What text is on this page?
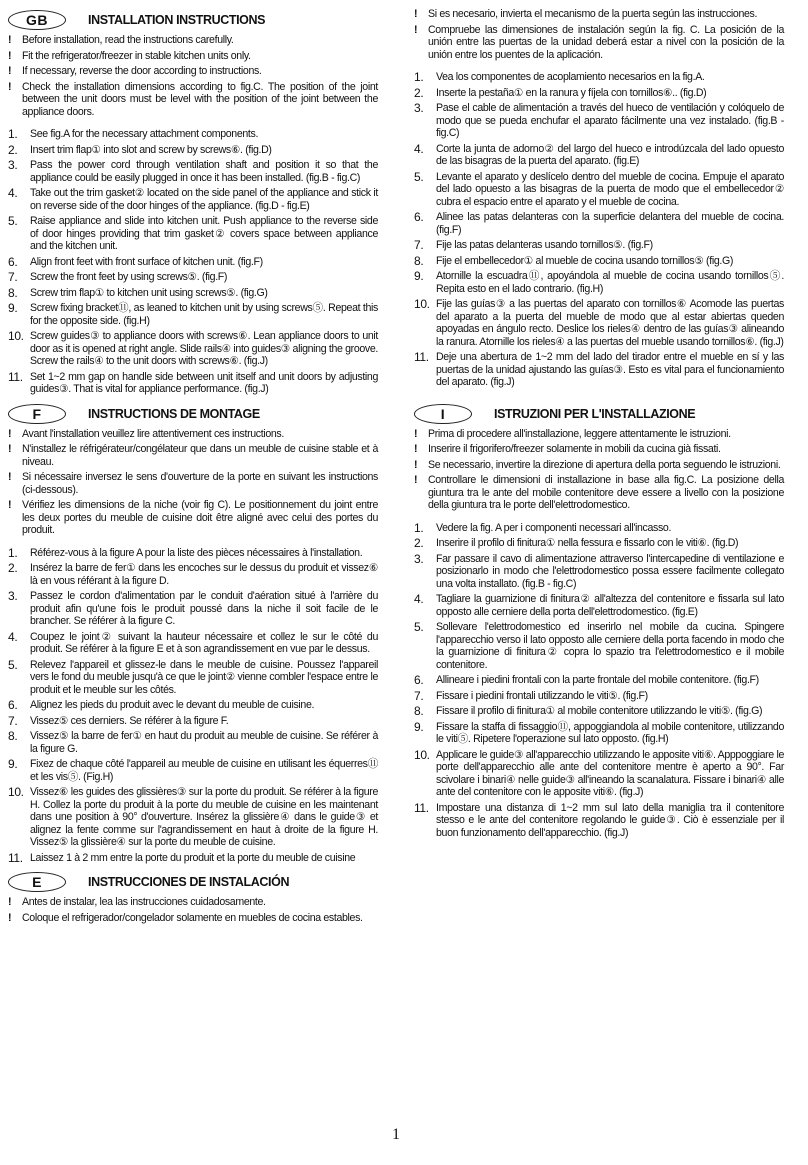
GB	INSTALLATION INSTRUCTIONS
!	Before installation, read the instructions carefully.
!	Fit the refrigerator/freezer in stable kitchen units only.
!	If necessary, reverse the door according to instructions.
!	Check the installation dimensions according to fig.C. The position of the joint between the unit doors must be level with the position of the joint between the appliance doors.
1.	See fig.A for the necessary attachment components.
2.	Insert trim flap① into slot and screw by screws⑥. (fig.D)
3.	Pass the power cord through ventilation shaft and position it so that the appliance could be easily plugged in once it has been installed. (fig.B - fig.C)
4.	Take out the trim gasket② located on the side panel of the appliance and stick it on reverse side of the door hinges of the appliance. (fig.D - fig.E)
5.	Raise appliance and slide into kitchen unit. Push appliance to the reverse side of door hinges providing that trim gasket② covers space between appliance and the kitchen unit.
6.	Align front feet with front surface of kitchen unit. (fig.F)
7.	Screw the front feet by using screws⑤. (fig.F)
8.	Screw trim flap① to kitchen unit using screws⑤. (fig.G)
9.	Screw fixing bracket⑪, as leaned to kitchen unit by using screws⑤. Repeat this for the opposite side. (fig.H)
10. Screw guides③ to appliance doors with screws⑥. Lean appliance doors to unit door as it is opened at right angle. Slide rails④ into guides③ aligning the groove. Screw the rails④ to the unit doors with screws⑥. (fig.J)
11. Set 1~2 mm gap on handle side between unit itself and unit doors by adjusting guides③. That is vital for appliance performance. (fig.J)
F	INSTRUCTIONS DE MONTAGE
!	Avant l'installation veuillez lire attentivement ces instructions.
!	N'installez le réfrigérateur/congélateur que dans un meuble de cuisine stable et à niveau.
!	Si nécessaire inversez le sens d'ouverture de la porte en suivant les instructions (ci-dessous).
!	Vérifiez les dimensions de la niche (voir fig C). Le positionnement du joint entre les deux portes du meuble de cuisine doit être aligné avec celui des portes du produit.
1.	Référez-vous à la figure A pour la liste des pièces nécessaires à l'installation.
2.	Insérez la barre de fer① dans les encoches sur le dessus du produit et vissez⑥ là en vous référant à la figure D.
3.	Passez le cordon d'alimentation par le conduit d'aération situé à l'arrière du produit afin qu'une fois le produit poussé dans la niche il soit facile de le brancher. Se référer à la figure C.
4.	Coupez le joint② suivant la hauteur nécessaire et collez le sur le côté du produit. Se référer à la figure E et à son agrandissement en vue par le dessus.
5.	Relevez l'appareil et glissez-le dans le meuble de cuisine. Poussez l'appareil vers le fond du meuble jusqu'à ce que le joint② vienne combler l'espace entre le produit et le meuble sur les côtés.
6.	Alignez les pieds du produit avec le devant du meuble de cuisine.
7.	Vissez⑤ ces derniers. Se référer à la figure F.
8.	Vissez⑤ la barre de fer① en haut du produit au meuble de cuisine. Se référer à la figure G.
9.	Fixez de chaque côté l'appareil au meuble de cuisine en utilisant les équerres⑪ et les vis⑤. (Fig.H)
10. Vissez⑥ les guides des glissières③ sur la porte du produit. Se référer à la figure H. Collez la porte du produit à la porte du meuble de cuisine en les maintenant dans une position à 90° d'ouverture. Insérez la glissière④ dans le guide③ et alignez la fente comme sur l'agrandissement en haut à droite de la figure H. Vissez⑤ la glissière④ sur la porte du meuble de cuisine.
11. Laissez 1 à 2 mm entre la porte du produit et la porte du meuble de cuisine
E	INSTRUCCIONES DE INSTALACIÓN
!	Antes de instalar, lea las instrucciones cuidadosamente.
!	Coloque el refrigerador/congelador solamente en muebles de cocina estables.
!	Si es necesario, invierta el mecanismo de la puerta según las instrucciones.
!	Compruebe las dimensiones de instalación según la fig. C. La posición de la unión entre las puertas de la unidad deberá estar a nivel con la posición de la unión entre los puentes de la aplicación.
1.	Vea los componentes de acoplamiento necesarios en la fig.A.
2.	Inserte la pestaña① en la ranura y fíjela con tornillos⑥.. (fig.D)
3.	Pase el cable de alimentación a través del hueco de ventilación y colóquelo de modo que se pueda enchufar el aparato fácilmente una vez instalado. (fig.B - fig.C)
4.	Corte la junta de adorno② del largo del hueco e introdúzcala del lado opuesto de las bisagras de la puerta del aparato. (fig.E)
5.	Levante el aparato y deslícelo dentro del mueble de cocina. Empuje el aparato del lado opuesto a las bisagras de la puerta de modo que el embellecedor② cubra el espacio entre el aparato y el mueble de cocina.
6.	Alinee las patas delanteras con la superficie delantera del mueble de cocina. (fig.F)
7.	Fije las patas delanteras usando tornillos⑤. (fig.F)
8.	Fije el embellecedor① al mueble de cocina usando tornillos⑤ (fig.G)
9.	Atornille la escuadra⑪, apoyándola al mueble de cocina usando tornillos⑤. Repita esto en el lado contrario. (fig.H)
10. Fije las guías③ a las puertas del aparato con tornillos⑥ Acomode las puertas del aparato a la puerta del mueble de modo que al estar abiertas queden apoyadas en ángulo recto. Deslice los rieles④ dentro de las guías③ alineando la ranura. Atornille los rieles④ a las puertas del mueble usando tornillos⑥. (fig.J)
11. Deje una abertura de 1~2 mm del lado del tirador entre el mueble en sí y las puertas de la unidad ajustando las guías③. Esto es vital para el funcionamiento del aparato. (fig.J)
I	ISTRUZIONI PER L'INSTALLAZIONE
!	Prima di procedere all'installazione, leggere attentamente le istruzioni.
!	Inserire il frigorifero/freezer solamente in mobili da cucina già fissati.
!	Se necessario, invertire la direzione di apertura della porta seguendo le istruzioni.
!	Controllare le dimensioni di installazione in base alla fig.C. La posizione della giuntura tra le ante del mobile contenitore deve essere a livello con la posizione della giuntura tra le porte dell'elettrodomestico.
1.	Vedere la fig. A per i componenti necessari all'incasso.
2.	Inserire il profilo di finitura① nella fessura e fissarlo con le viti⑥. (fig.D)
3.	Far passare il cavo di alimentazione attraverso l'intercapedine di ventilazione e posizionarlo in modo che l'elettrodomestico possa essere facilmente collegato una volta installato. (fig.B - fig.C)
4.	Tagliare la guarnizione di finitura② all'altezza del contenitore e fissarla sul lato opposto alle cerniere della porta dell'elettrodomestico. (fig.E)
5.	Sollevare l'elettrodomestico ed inserirlo nel mobile da cucina. Spingere l'apparecchio verso il lato opposto alle cerniere della porta facendo in modo che la guarnizione di finitura② copra lo spazio tra l'elettrodomestico e il mobile contenitore.
6.	Allineare i piedini frontali con la parte frontale del mobile contenitore. (fig.F)
7.	Fissare i piedini frontali utilizzando le viti⑤. (fig.F)
8.	Fissare il profilo di finitura① al mobile contenitore utilizzando le viti⑤. (fig.G)
9.	Fissare la staffa di fissaggio⑪, appoggiandola al mobile contenitore, utilizzando le viti⑤. Ripetere l'operazione sul lato opposto. (fig.H)
10. Applicare le guide③ all'apparecchio utilizzando le apposite viti⑥. Apppoggiare le porte dell'apparecchio alle ante del contenitore mentre è aperto a 90°. Far scivolare i binari④ nelle guide③ all'ineando la scanalatura. Fissare i binari④ alle ante del contenitore con le apposite viti⑥. (fig.J)
11. Impostare una distanza di 1~2 mm sul lato della maniglia tra il contenitore stesso e le ante del contenitore regolando le guide③. Ciò è essenziale per il buon funzionamento dell'apparecchio. (fig.J)
1
